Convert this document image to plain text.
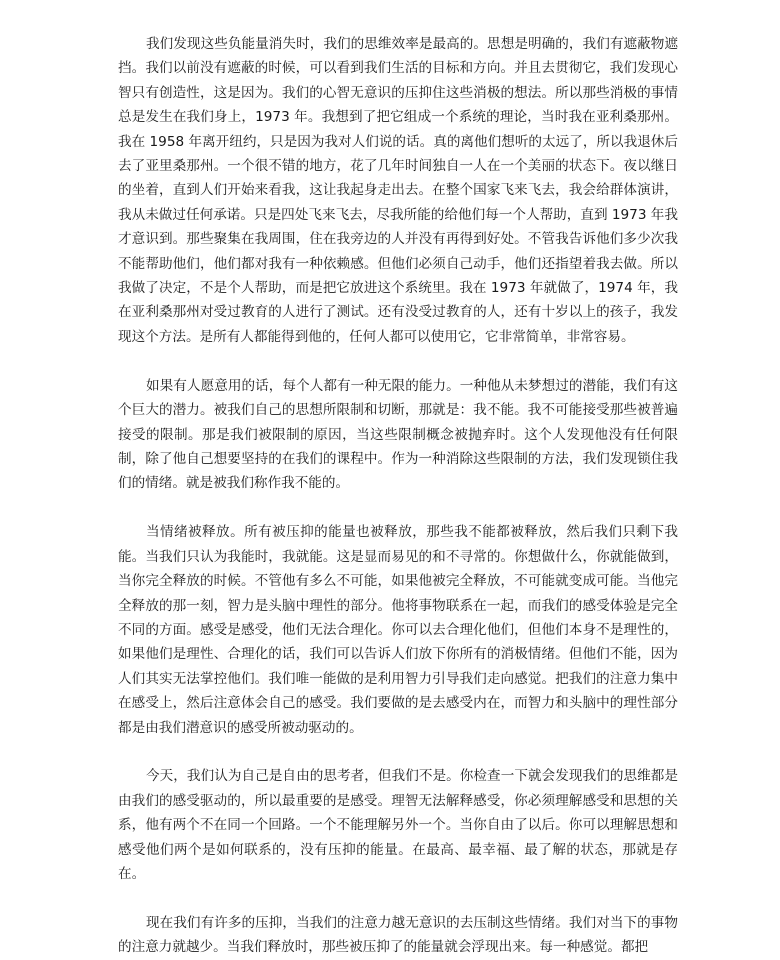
我们发现这些负能量消失时，我们的思维效率是最高的。思想是明确的，我们有遮蔽物遮挡。我们以前没有遮蔽的时候，可以看到我们生活的目标和方向。并且去贯彻它，我们发现心智只有创造性，这是因为。我们的心智无意识的压抑住这些消极的想法。所以那些消极的事情总是发生在我们身上，1973 年。我想到了把它组成一个系统的理论，当时我在亚利桑那州。我在 1958 年离开纽约，只是因为我对人们说的话。真的离他们想听的太远了，所以我退休后去了亚里桑那州。一个很不错的地方，花了几年时间独自一人在一个美丽的状态下。夜以继日的坐着，直到人们开始来看我，这让我起身走出去。在整个国家飞来飞去，我会给群体演讲，我从未做过任何承诺。只是四处飞来飞去，尽我所能的给他们每一个人帮助，直到 1973 年我才意识到。那些聚集在我周围，住在我旁边的人并没有再得到好处。不管我告诉他们多少次我不能帮助他们，他们都对我有一种依赖感。但他们必须自己动手，他们还指望着我去做。所以我做了决定，不是个人帮助，而是把它放进这个系统里。我在 1973 年就做了，1974 年，我在亚利桑那州对受过教育的人进行了测试。还有没受过教育的人，还有十岁以上的孩子，我发现这个方法。是所有人都能得到他的，任何人都可以使用它，它非常简单，非常容易。

如果有人愿意用的话，每个人都有一种无限的能力。一种他从未梦想过的潜能，我们有这个巨大的潜力。被我们自己的思想所限制和切断，那就是：我不能。我不可能接受那些被普遍接受的限制。那是我们被限制的原因，当这些限制概念被抛弃时。这个人发现他没有任何限制，除了他自己想要坚持的在我们的课程中。作为一种消除这些限制的方法，我们发现锁住我们的情绪。就是被我们称作我不能的。

当情绪被释放。所有被压抑的能量也被释放，那些我不能都被释放，然后我们只剩下我能。当我们只认为我能时，我就能。这是显而易见的和不寻常的。你想做什么，你就能做到，当你完全释放的时候。不管他有多么不可能，如果他被完全释放，不可能就变成可能。当他完全释放的那一刻，智力是头脑中理性的部分。他将事物联系在一起，而我们的感受体验是完全不同的方面。感受是感受，他们无法合理化。你可以去合理化他们，但他们本身不是理性的，如果他们是理性、合理化的话，我们可以告诉人们放下你所有的消极情绪。但他们不能，因为人们其实无法掌控他们。我们唯一能做的是利用智力引导我们走向感觉。把我们的注意力集中在感受上，然后注意体会自己的感受。我们要做的是去感受内在，而智力和头脑中的理性部分都是由我们潜意识的感受所被动驱动的。

今天，我们认为自己是自由的思考者，但我们不是。你检查一下就会发现我们的思维都是由我们的感受驱动的，所以最重要的是感受。理智无法解释感受，你必须理解感受和思想的关系，他有两个不在同一个回路。一个不能理解另外一个。当你自由了以后。你可以理解思想和感受他们两个是如何联系的，没有压抑的能量。在最高、最幸福、最了解的状态，那就是存在。

现在我们有许多的压抑，当我们的注意力越无意识的去压制这些情绪。我们对当下的事物的注意力就越少。当我们释放时，那些被压抑了的能量就会浮现出来。每一种感觉。都把
